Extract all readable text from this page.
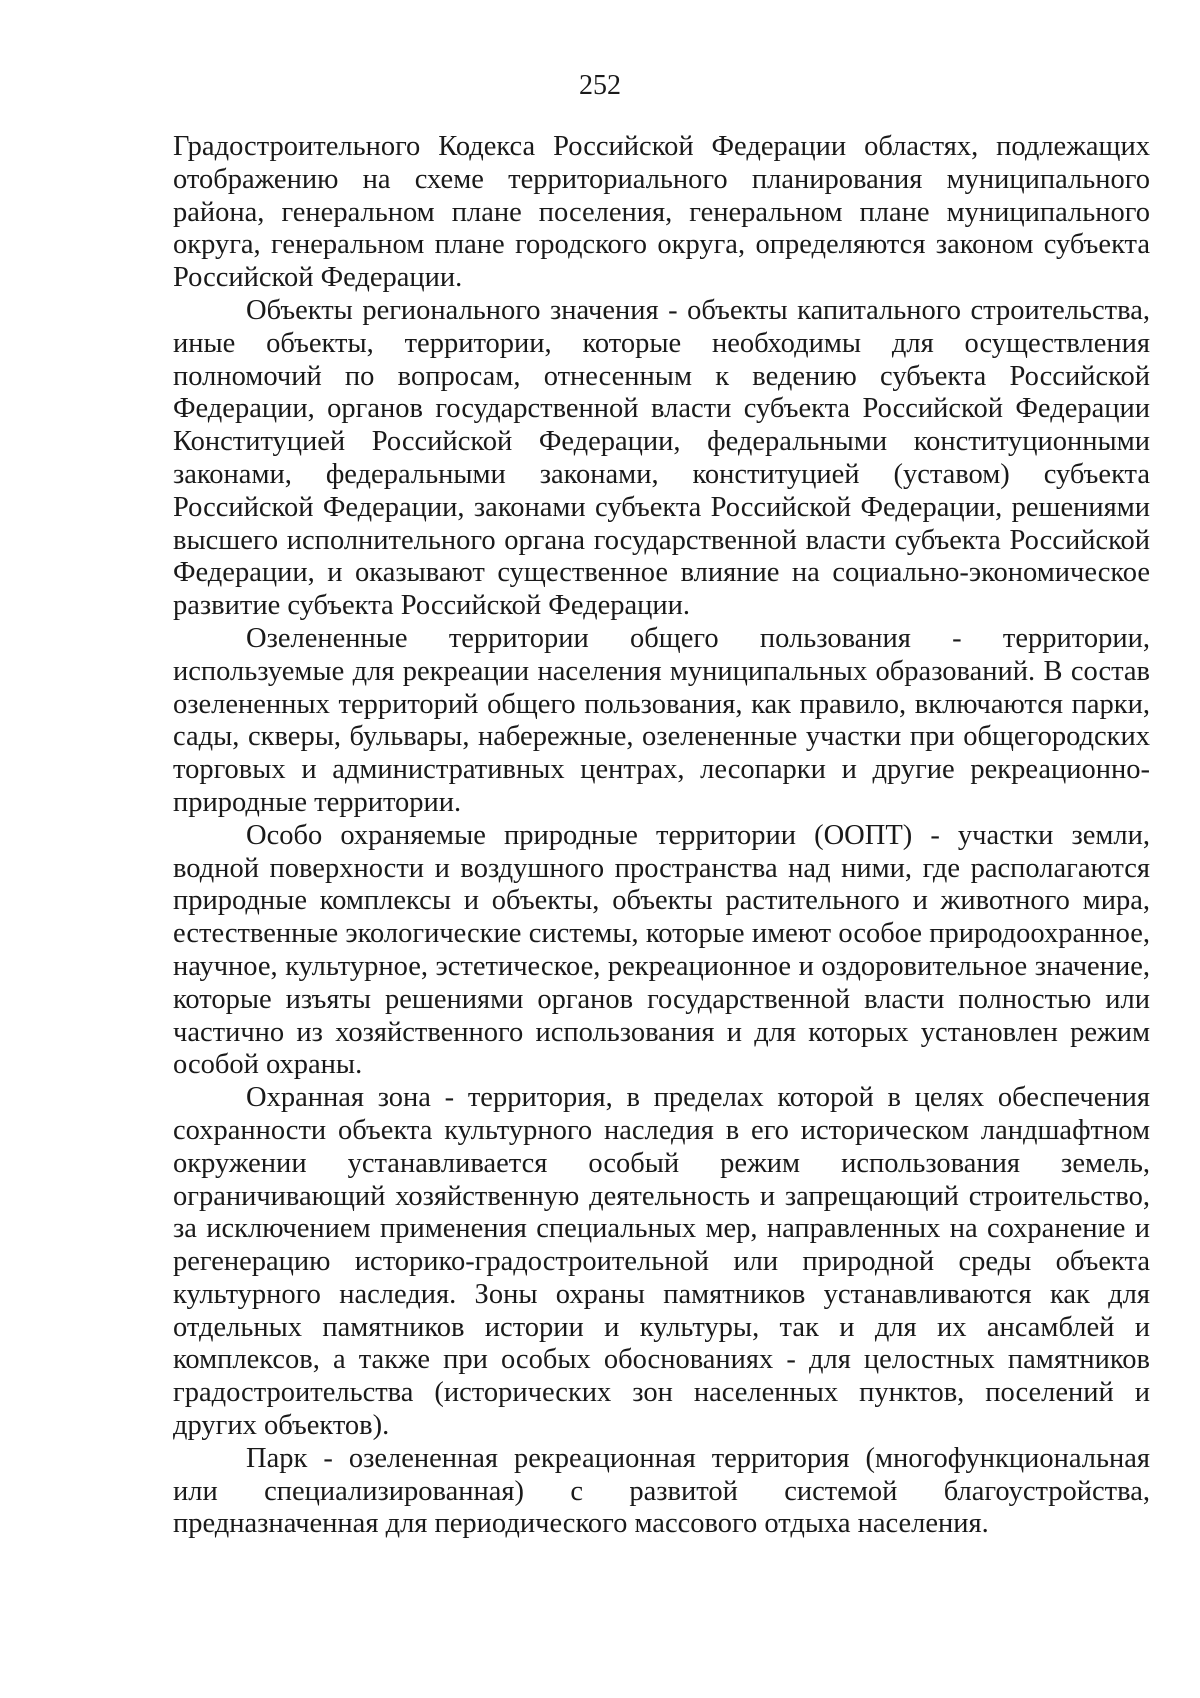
252

Градостроительного Кодекса Российской Федерации областях, подлежащих отображению на схеме территориального планирования муниципального района, генеральном плане поселения, генеральном плане муниципального округа, генеральном плане городского округа, определяются законом субъекта Российской Федерации.

Объекты регионального значения - объекты капитального строительства, иные объекты, территории, которые необходимы для осуществления полномочий по вопросам, отнесенным к ведению субъекта Российской Федерации, органов государственной власти субъекта Российской Федерации Конституцией Российской Федерации, федеральными конституционными законами, федеральными законами, конституцией (уставом) субъекта Российской Федерации, законами субъекта Российской Федерации, решениями высшего исполнительного органа государственной власти субъекта Российской Федерации, и оказывают существенное влияние на социально-экономическое развитие субъекта Российской Федерации.

Озелененные территории общего пользования - территории, используемые для рекреации населения муниципальных образований. В состав озелененных территорий общего пользования, как правило, включаются парки, сады, скверы, бульвары, набережные, озелененные участки при общегородских торговых и административных центрах, лесопарки и другие рекреационно-природные территории.

Особо охраняемые природные территории (ООПТ) - участки земли, водной поверхности и воздушного пространства над ними, где располагаются природные комплексы и объекты, объекты растительного и животного мира, естественные экологические системы, которые имеют особое природоохранное, научное, культурное, эстетическое, рекреационное и оздоровительное значение, которые изъяты решениями органов государственной власти полностью или частично из хозяйственного использования и для которых установлен режим особой охраны.

Охранная зона - территория, в пределах которой в целях обеспечения сохранности объекта культурного наследия в его историческом ландшафтном окружении устанавливается особый режим использования земель, ограничивающий хозяйственную деятельность и запрещающий строительство, за исключением применения специальных мер, направленных на сохранение и регенерацию историко-градостроительной или природной среды объекта культурного наследия. Зоны охраны памятников устанавливаются как для отдельных памятников истории и культуры, так и для их ансамблей и комплексов, а также при особых обоснованиях - для целостных памятников градостроительства (исторических зон населенных пунктов, поселений и других объектов).

Парк - озелененная рекреационная территория (многофункциональная или специализированная) с развитой системой благоустройства, предназначенная для периодического массового отдыха населения.
